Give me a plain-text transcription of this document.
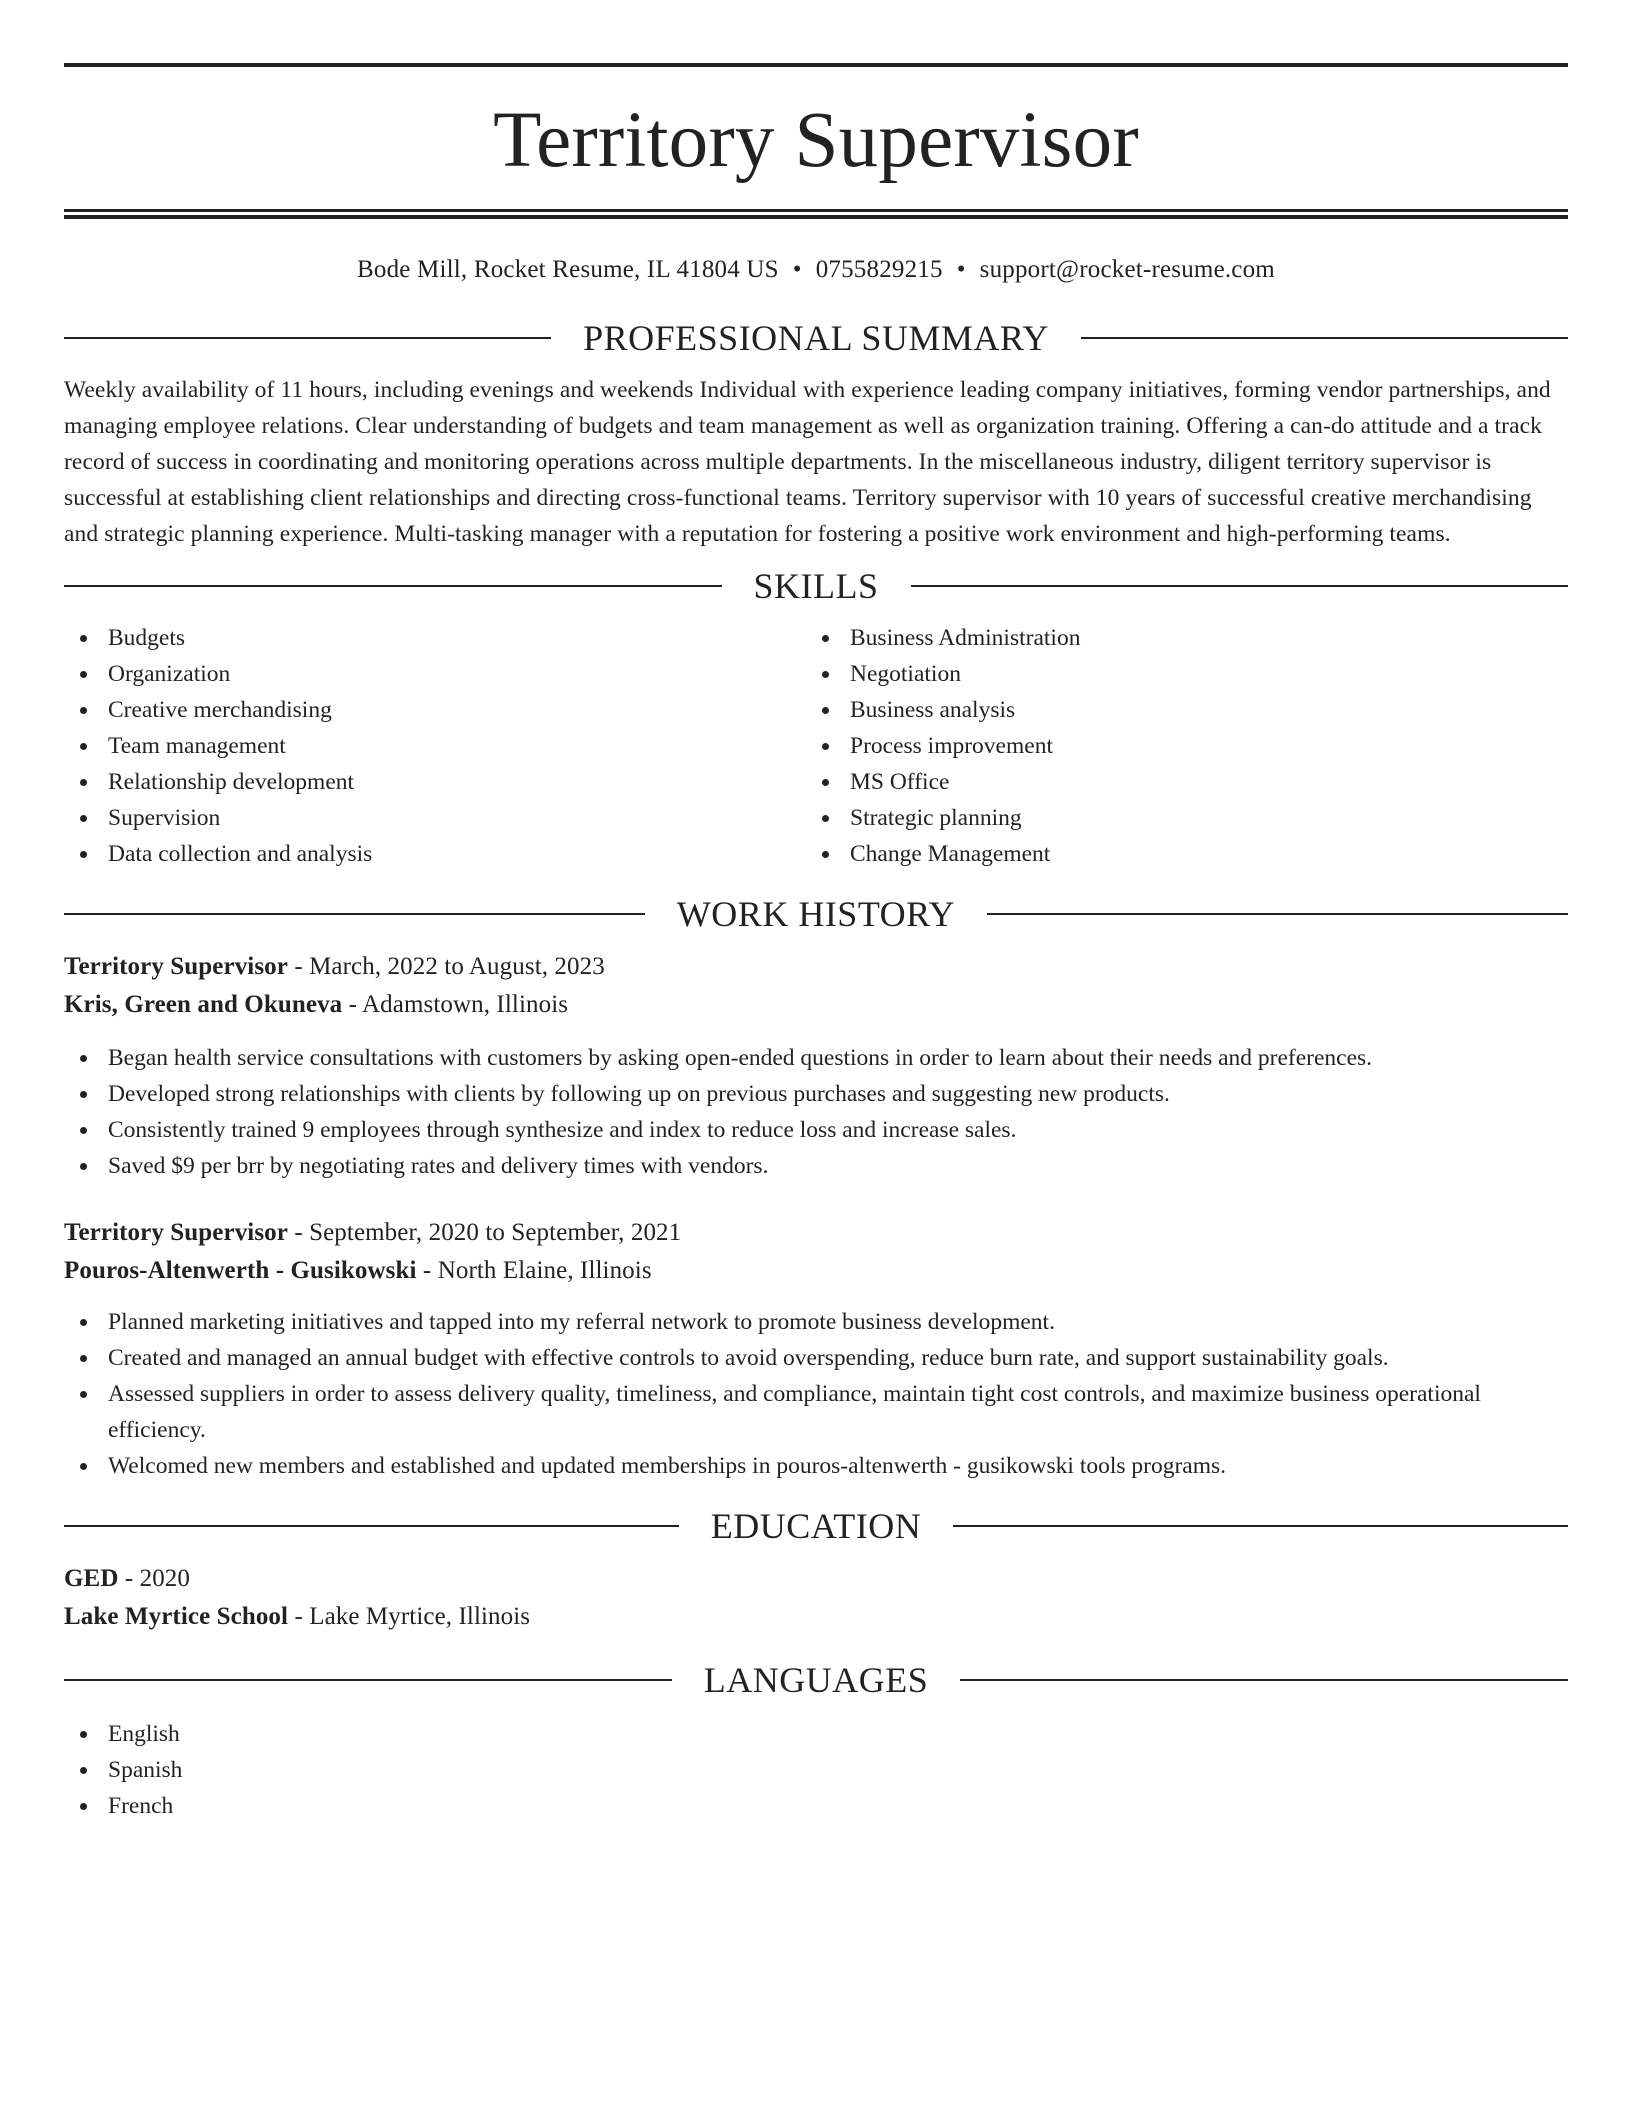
Territory Supervisor
Bode Mill, Rocket Resume, IL 41804 US • 0755829215 • support@rocket-resume.com
PROFESSIONAL SUMMARY

Weekly availability of 11 hours, including evenings and weekends Individual with experience leading company initiatives, forming vendor partnerships, and managing employee relations. Clear understanding of budgets and team management as well as organization training. Offering a can-do attitude and a track record of success in coordinating and monitoring operations across multiple departments. In the miscellaneous industry, diligent territory supervisor is successful at establishing client relationships and directing cross-functional teams. Territory supervisor with 10 years of successful creative merchandising and strategic planning experience. Multi-tasking manager with a reputation for fostering a positive work environment and high-performing teams.

SKILLS
Budgets
Organization
Creative merchandising
Team management
Relationship development
Supervision
Data collection and analysis
Business Administration
Negotiation
Business analysis
Process improvement
MS Office
Strategic planning
Change Management
WORK HISTORY
Territory Supervisor - March, 2022 to August, 2023
Kris, Green and Okuneva - Adamstown, Illinois
Began health service consultations with customers by asking open-ended questions in order to learn about their needs and preferences.
Developed strong relationships with clients by following up on previous purchases and suggesting new products.
Consistently trained 9 employees through synthesize and index to reduce loss and increase sales.
Saved $9 per brr by negotiating rates and delivery times with vendors.
Territory Supervisor - September, 2020 to September, 2021
Pouros-Altenwerth - Gusikowski - North Elaine, Illinois
Planned marketing initiatives and tapped into my referral network to promote business development.
Created and managed an annual budget with effective controls to avoid overspending, reduce burn rate, and support sustainability goals.
Assessed suppliers in order to assess delivery quality, timeliness, and compliance, maintain tight cost controls, and maximize business operational efficiency.
Welcomed new members and established and updated memberships in pouros-altenwerth - gusikowski tools programs.
EDUCATION
GED - 2020
Lake Myrtice School - Lake Myrtice, Illinois
LANGUAGES
English
Spanish
French
